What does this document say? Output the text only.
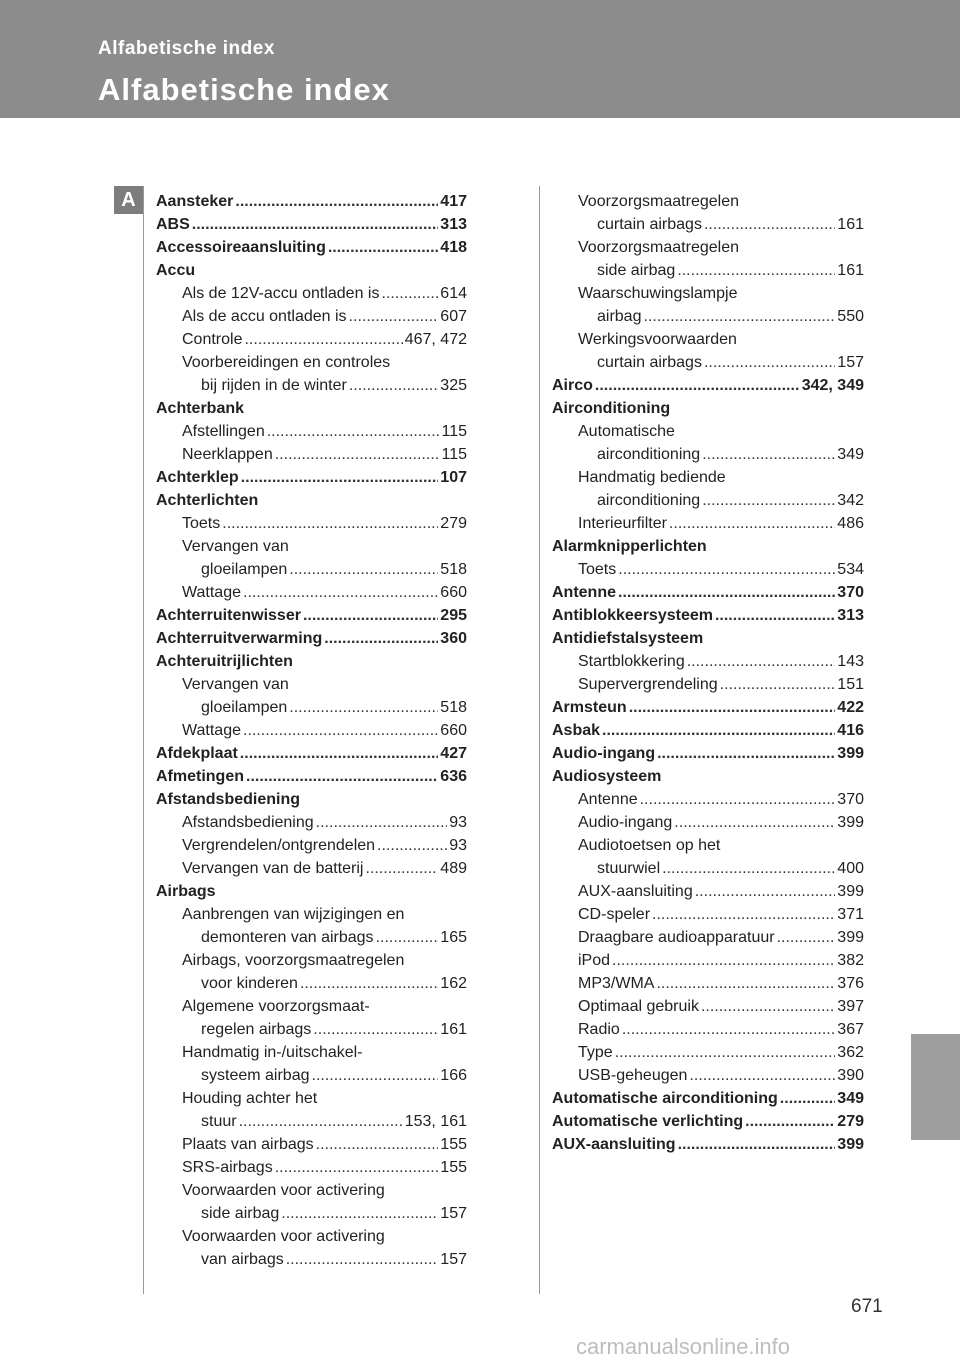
Alfabetische index
Alfabetische index
A	Aansteker .....	417
ABS .....	313
Accessoireaansluiting .....	418
Accu
Als de 12V-accu ontladen is .....	614
Als de accu ontladen is .....	607
Controle .....	467, 472
Voorbereidingen en controles
bij rijden in de winter .....	325
Achterbank
Afstellingen .....	115
Neerklappen .....	115
Achterklep .....	107
Achterlichten
Toets .....	279
Vervangen van
gloeilampen .....	518
Wattage .....	660
Achterruitenwisser .....	295
Achterruitverwarming .....	360
Achteruitrijlichten
Vervangen van
gloeilampen .....	518
Wattage .....	660
Afdekplaat .....	427
Afmetingen .....	636
Afstandsbediening
Afstandsbediening .....	93
Vergrendelen/ontgrendelen .....	93
Vervangen van de batterij .....	489
Airbags
Aanbrengen van wijzigingen en
demonteren van airbags .....	165
Airbags, voorzorgsmaatregelen
voor kinderen .....	162
Algemene voorzorgsmaat-
regelen airbags .....	161
Handmatig in-/uitschakel-
systeem airbag .....	166
Houding achter het
stuur .....	153, 161
Plaats van airbags .....	155
SRS-airbags .....	155
Voorwaarden voor activering
side airbag .....	157
Voorwaarden voor activering
van airbags .....	157
Voorzorgsmaatregelen
curtain airbags .....	161
Voorzorgsmaatregelen
side airbag .....	161
Waarschuwingslampje
airbag .....	550
Werkingsvoorwaarden
curtain airbags .....	157
Airco .....	342, 349
Airconditioning
Automatische
airconditioning .....	349
Handmatig bediende
airconditioning .....	342
Interieurfilter .....	486
Alarmknipperlichten
Toets .....	534
Antenne .....	370
Antiblokkeersysteem .....	313
Antidiefstalsysteem
Startblokkering .....	143
Supervergrendeling .....	151
Armsteun .....	422
Asbak .....	416
Audio-ingang .....	399
Audiosysteem
Antenne .....	370
Audio-ingang .....	399
Audiotoetsen op het
stuurwiel .....	400
AUX-aansluiting .....	399
CD-speler .....	371
Draagbare audioapparatuur .....	399
iPod .....	382
MP3/WMA .....	376
Optimaal gebruik .....	397
Radio .....	367
Type .....	362
USB-geheugen .....	390
Automatische airconditioning .....	349
Automatische verlichting .....	279
AUX-aansluiting .....	399
671
carmanualsonline.info
